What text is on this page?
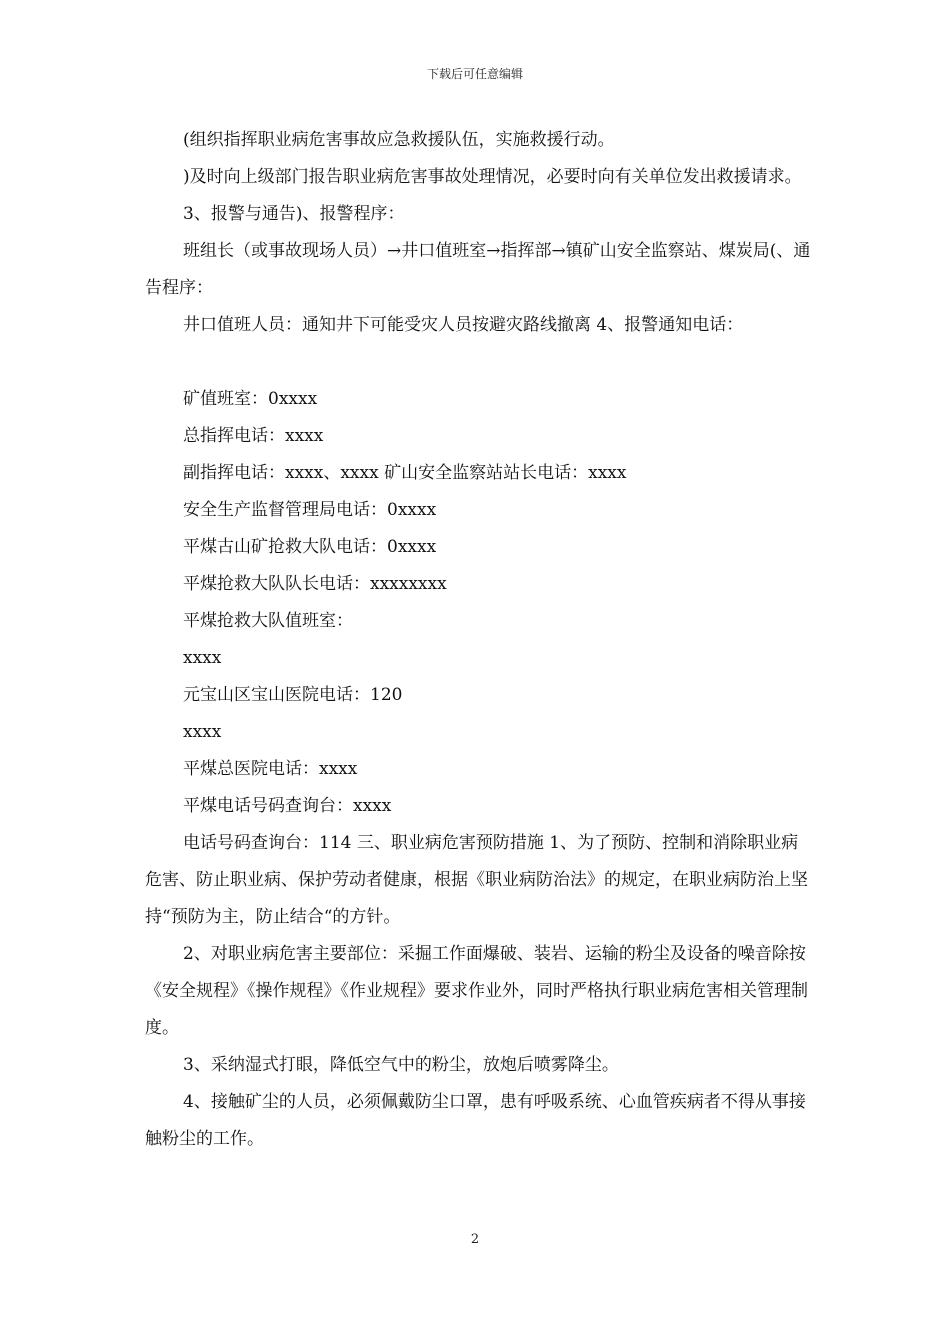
下载后可任意编辑

(组织指挥职业病危害事故应急救援队伍，实施救援行动。

)及时向上级部门报告职业病危害事故处理情况，必要时向有关单位发出救援请求。

3、报警与通告)、报警程序：

班组长（或事故现场人员）→井口值班室→指挥部→镇矿山安全监察站、煤炭局(、通告程序：

井口值班人员：通知井下可能受灾人员按避灾路线撤离 4、报警通知电话：

矿值班室：0xxxx

总指挥电话：xxxx

副指挥电话：xxxx、xxxx 矿山安全监察站站长电话：xxxx

安全生产监督管理局电话：0xxxx

平煤古山矿抢救大队电话：0xxxx

平煤抢救大队队长电话：xxxxxxxx

平煤抢救大队值班室：

xxxx

元宝山区宝山医院电话：120

xxxx

平煤总医院电话：xxxx

平煤电话号码查询台：xxxx

电话号码查询台：114 三、职业病危害预防措施 1、为了预防、控制和消除职业病危害、防止职业病、保护劳动者健康，根据《职业病防治法》的规定，在职业病防治上坚持“预防为主，防止结合“的方针。

2、对职业病危害主要部位：采掘工作面爆破、装岩、运输的粉尘及设备的噪音除按《安全规程》《操作规程》《作业规程》要求作业外，同时严格执行职业病危害相关管理制度。

3、采纳湿式打眼，降低空气中的粉尘，放炮后喷雾降尘。

4、接触矿尘的人员，必须佩戴防尘口罩，患有呼吸系统、心血管疾病者不得从事接触粉尘的工作。

2
